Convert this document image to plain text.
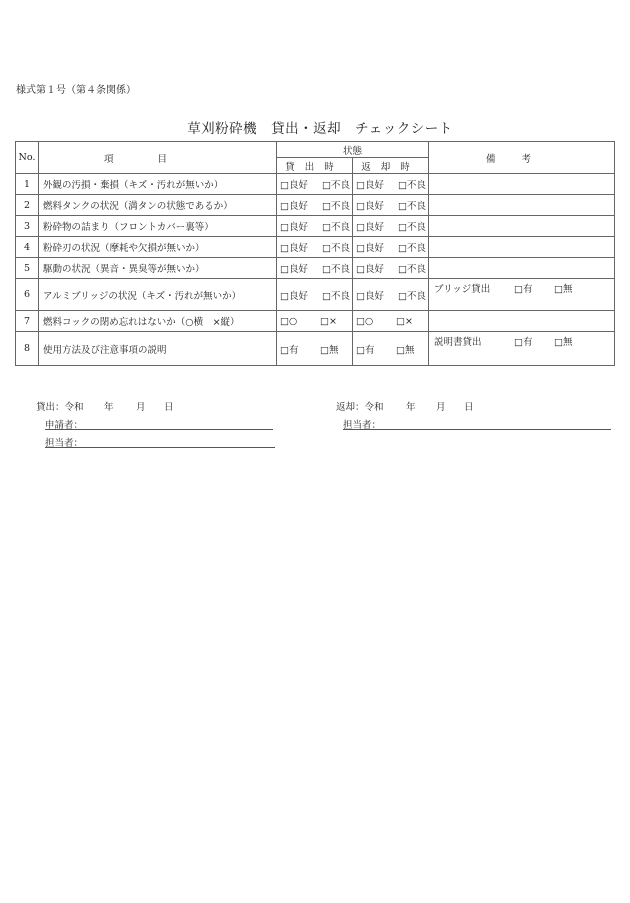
様式第１号（第４条関係）
草刈粉砕機　貸出・返却　チェックシート
No.	項目	状態		備考
		貸出時	返却時	
1	外観の汚損・棄損（キズ・汚れが無いか）	□良好 □不良	□良好 □不良	

2	燃料タンクの状況（満タンの状態であるか）	□良好 □不良	□良好 □不良	

3	粉砕物の詰まり（フロントカバー裏等）	□良好 □不良	□良好 □不良	

4	粉砕刃の状況（摩耗や欠損が無いか）	□良好 □不良	□良好 □不良	

5	駆動の状況（異音・異臭等が無いか）	□良好 □不良	□良好 □不良	

6	アルミブリッジの状況（キズ・汚れが無いか）	□良好 □不良	□良好 □不良	ブリッジ貸出 □有 □無

7	燃料コックの閉め忘れはないか（○横　×縦）	□○ □×	□○ □×	

8	使用方法及び注意事項の説明	□有 □無	□有 □無	説明書貸出 □有 □無
貸出：令和	年	月	日
申請者：
担当者：
返却：令和	年	月	日
担当者：
